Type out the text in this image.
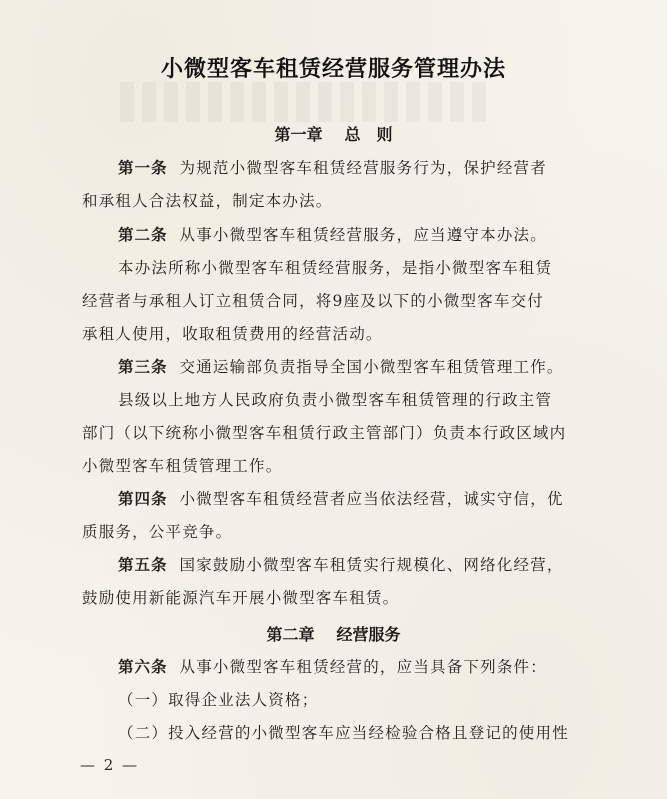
小微型客车租赁经营服务管理办法
第一章 总　则
第一条 为规范小微型客车租赁经营服务行为，保护经营者
和承租人合法权益，制定本办法。
第二条 从事小微型客车租赁经营服务，应当遵守本办法。
本办法所称小微型客车租赁经营服务，是指小微型客车租赁
经营者与承租人订立租赁合同，将9座及以下的小微型客车交付
承租人使用，收取租赁费用的经营活动。
第三条 交通运输部负责指导全国小微型客车租赁管理工作。
县级以上地方人民政府负责小微型客车租赁管理的行政主管
部门（以下统称小微型客车租赁行政主管部门）负责本行政区域内
小微型客车租赁管理工作。
第四条 小微型客车租赁经营者应当依法经营，诚实守信，优
质服务，公平竞争。
第五条 国家鼓励小微型客车租赁实行规模化、网络化经营，
鼓励使用新能源汽车开展小微型客车租赁。
第二章 经营服务
第六条 从事小微型客车租赁经营的，应当具备下列条件：
（一）取得企业法人资格；
（二）投入经营的小微型客车应当经检验合格且登记的使用性
— 2 —
